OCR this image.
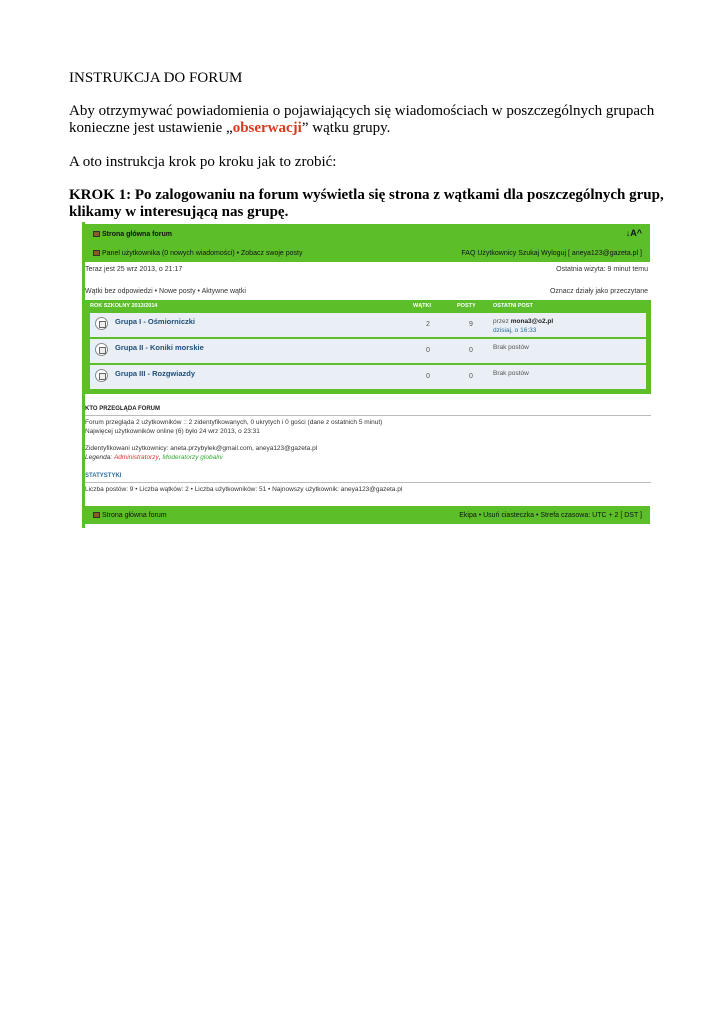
INSTRUKCJA DO FORUM
Aby otrzymywać powiadomienia o pojawiających się wiadomościach w poszczególnych grupach konieczne jest ustawienie „obserwacji” wątku grupy.
A oto instrukcja krok po kroku jak to zrobić:
KROK 1: Po zalogowaniu na forum wyświetla się strona z wątkami dla poszczególnych grup, klikamy w interesującą nas grupę.
Strona główna forum	↓A^
Panel użytkownika (0 nowych wiadomości) • Zobacz swoje posty	FAQ Użytkownicy Szukaj Wyloguj [ aneya123@gazeta.pl ]
Teraz jest 25 wrz 2013, o 21:17	Ostatnia wizyta: 9 minut temu
Wątki bez odpowiedzi • Nowe posty • Aktywne wątki	Oznacz działy jako przeczytane
ROK SZKOLNY 2013/2014	WĄTKI	POSTY	OSTATNI POST
Grupa I - Ośmiorniczki	2	9	przez mona3@o2.pl
dzisiaj, o 16:33
Grupa II - Koniki morskie	0	0	Brak postów
Grupa III - Rozgwiazdy	0	0	Brak postów
KTO PRZEGLĄDA FORUM
Forum przegląda 2 użytkowników :: 2 zidentyfikowanych, 0 ukrytych i 0 gości (dane z ostatnich 5 minut)
Najwięcej użytkowników online (6) było 24 wrz 2013, o 23:31
Zidentyfikowani użytkownicy: aneta.przybylek@gmail.com, aneya123@gazeta.pl
Legenda: Administratorzy, Moderatorzy globalni
STATYSTYKI
Liczba postów: 9 • Liczba wątków: 2 • Liczba użytkowników: 51 • Najnowszy użytkownik: aneya123@gazeta.pl
Strona główna forum	Ekipa • Usuń ciasteczka • Strefa czasowa: UTC + 2 [ DST ]
